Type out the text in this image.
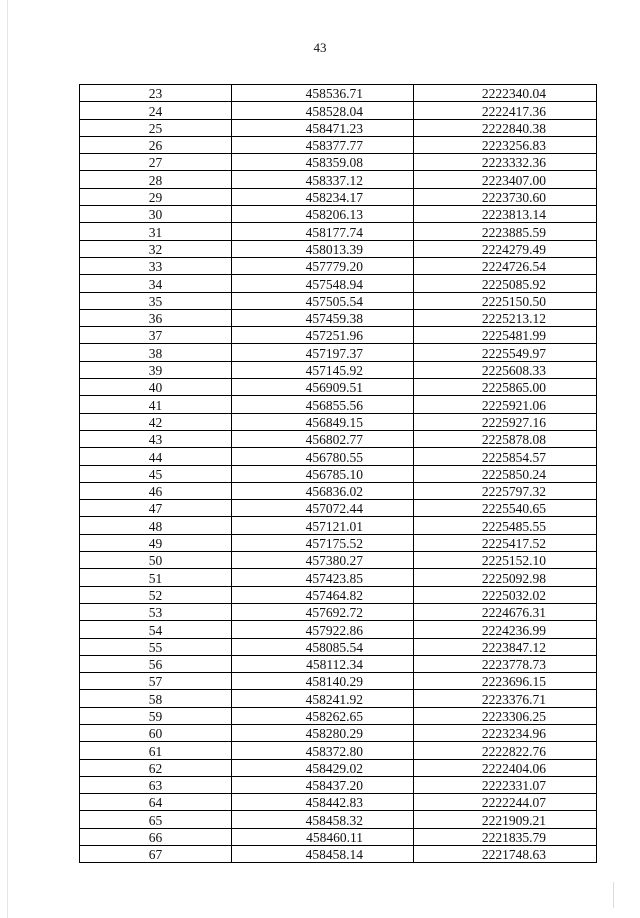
43
23	458536.71	2222340.04
24	458528.04	2222417.36
25	458471.23	2222840.38
26	458377.77	2223256.83
27	458359.08	2223332.36
28	458337.12	2223407.00
29	458234.17	2223730.60
30	458206.13	2223813.14
31	458177.74	2223885.59
32	458013.39	2224279.49
33	457779.20	2224726.54
34	457548.94	2225085.92
35	457505.54	2225150.50
36	457459.38	2225213.12
37	457251.96	2225481.99
38	457197.37	2225549.97
39	457145.92	2225608.33
40	456909.51	2225865.00
41	456855.56	2225921.06
42	456849.15	2225927.16
43	456802.77	2225878.08
44	456780.55	2225854.57
45	456785.10	2225850.24
46	456836.02	2225797.32
47	457072.44	2225540.65
48	457121.01	2225485.55
49	457175.52	2225417.52
50	457380.27	2225152.10
51	457423.85	2225092.98
52	457464.82	2225032.02
53	457692.72	2224676.31
54	457922.86	2224236.99
55	458085.54	2223847.12
56	458112.34	2223778.73
57	458140.29	2223696.15
58	458241.92	2223376.71
59	458262.65	2223306.25
60	458280.29	2223234.96
61	458372.80	2222822.76
62	458429.02	2222404.06
63	458437.20	2222331.07
64	458442.83	2222244.07
65	458458.32	2221909.21
66	458460.11	2221835.79
67	458458.14	2221748.63
